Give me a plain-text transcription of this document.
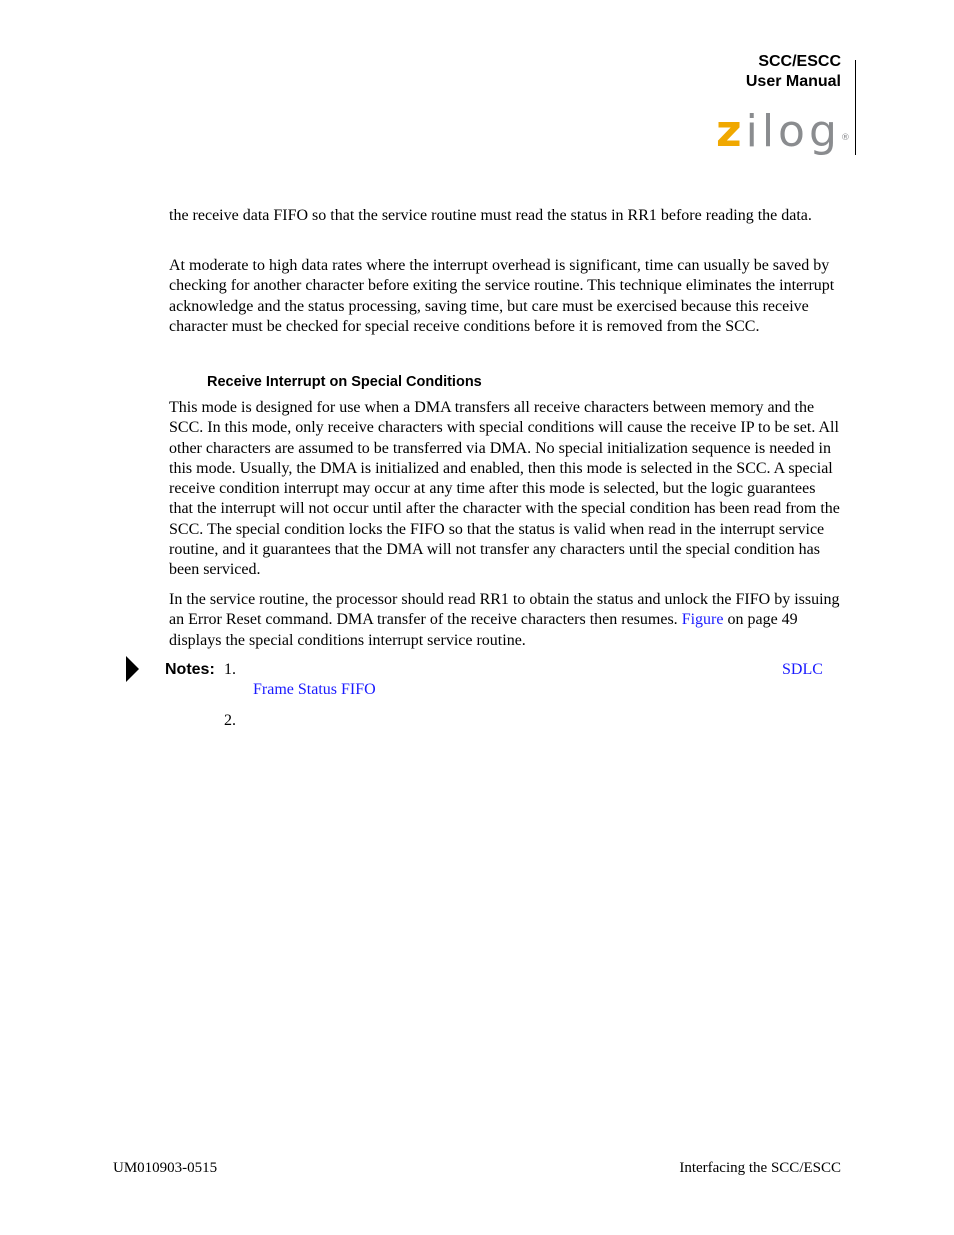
SCC/ESCC
User Manual
zilog®

the receive data FIFO so that the service routine must read the status in RR1 before reading the data.

At moderate to high data rates where the interrupt overhead is significant, time can usually be saved by checking for another character before exiting the service routine. This technique eliminates the interrupt acknowledge and the status processing, saving time, but care must be exercised because this receive character must be checked for special receive conditions before it is removed from the SCC.

Receive Interrupt on Special Conditions

This mode is designed for use when a DMA transfers all receive characters between memory and the SCC. In this mode, only receive characters with special conditions will cause the receive IP to be set. All other characters are assumed to be transferred via DMA. No special initialization sequence is needed in this mode. Usually, the DMA is initialized and enabled, then this mode is selected in the SCC. A special receive condition interrupt may occur at any time after this mode is selected, but the logic guarantees that the interrupt will not occur until after the character with the special condition has been read from the SCC. The special condition locks the FIFO so that the status is valid when read in the interrupt service routine, and it guarantees that the DMA will not transfer any characters until the special condition has been serviced.

In the service routine, the processor should read RR1 to obtain the status and unlock the FIFO by issuing an Error Reset command. DMA transfer of the receive characters then resumes. Figure on page 49 displays the special conditions interrupt service routine.

Notes: 1.	SDLC
Frame Status FIFO
2.
UM010903-0515	Interfacing the SCC/ESCC
